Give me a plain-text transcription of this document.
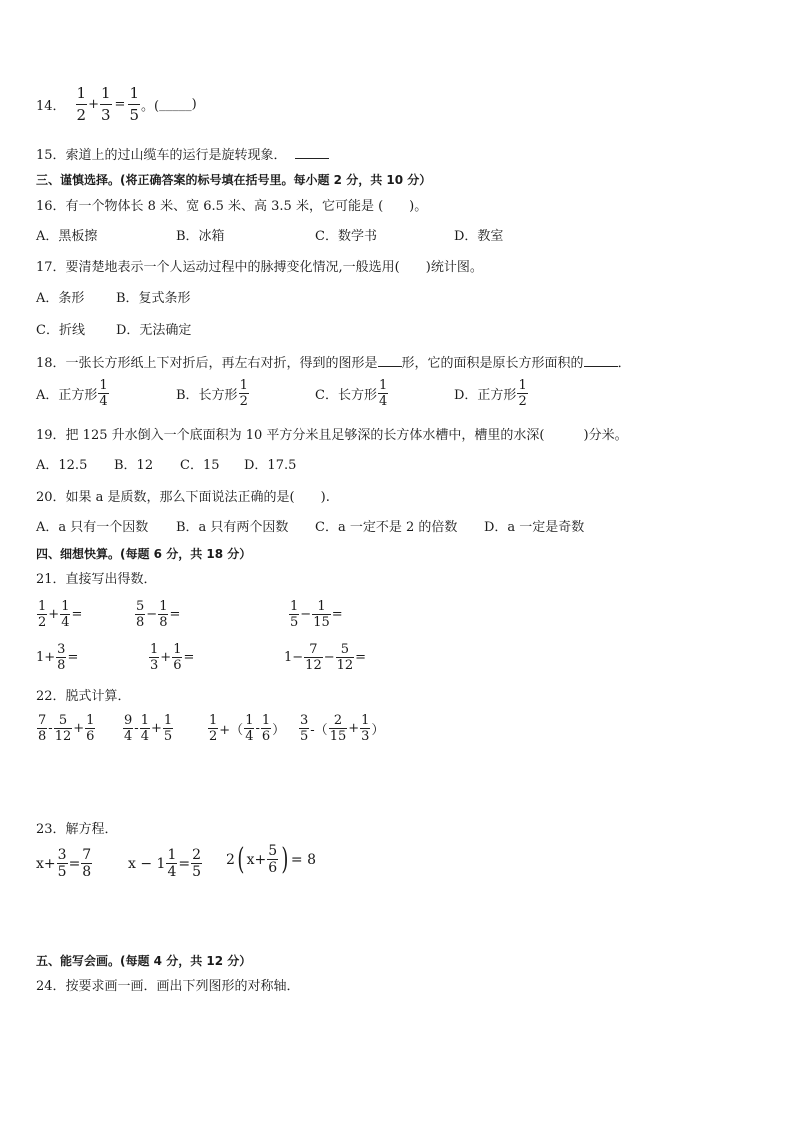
14． $\frac{1}{2} + \frac{1}{3} = \frac{1}{5}$ 。( _____ )
15．索道上的过山缆车的运行是旋转现象．
三、谨慎选择。(将正确答案的标号填在括号里。每小题 2 分，共 10 分）
16．有一个物体长 8 米、宽 6.5 米、高 3.5 米，它可能是 (　　)。
A．黑板擦	B．冰箱	C．数学书	D．教室
17．要清楚地表示一个人运动过程中的脉搏变化情况,一般选用(　　)统计图。
A．条形 B．复式条形
C．折线 D．无法确定
18．一张长方形纸上下对折后，再左右对折，得到的图形是 形，它的面积是原长方形面积的	．
A．正方形 $\frac{1}{4}$	B．长方形 $\frac{1}{2}$	C．长方形 $\frac{1}{4}$	D．正方形 $\frac{1}{2}$
19．把 125 升水倒入一个底面积为 10 平方分米且足够深的长方体水槽中，槽里的水深(　　　)分米。
A．12.5 B．12 C．15 D．17.5
20．如果 a 是质数，那么下面说法正确的是(　　).
A．a 只有一个因数 B．a 只有两个因数 C．a 一定不是 2 的倍数 D．a 一定是奇数
四、细想快算。(每题 6 分，共 18 分）
21．直接写出得数．
$\frac{1}{2} + \frac{1}{4}$ =	$\frac{5}{8} - \frac{1}{8}$ =	$\frac{1}{5} - \frac{1}{15}$ =
$1+ \frac{3}{8}$ =	$\frac{1}{3} + \frac{1}{6}$ =	$1- \frac{7}{12} - \frac{5}{12}$ =
22．脱式计算．
$\frac{7}{8} - \frac{5}{12} + \frac{1}{6} \frac{9}{4} - \frac{1}{4} + \frac{1}{5}$	$\frac{1}{2}$ +（ $\frac{1}{4} - \frac{1}{6}$ ） $\frac{3}{5}$ -（ $\frac{2}{15} + \frac{1}{3}$ ）
23．解方程．
$x+ \frac{3}{5} = \frac{7}{8}$	$x - 1 \frac{1}{4} = \frac{2}{5} 2$ ( $x+ \frac{5}{6}$ ) = 8
五、能写会画。(每题 4 分，共 12 分）
24．按要求画一画．画出下列图形的对称轴．
